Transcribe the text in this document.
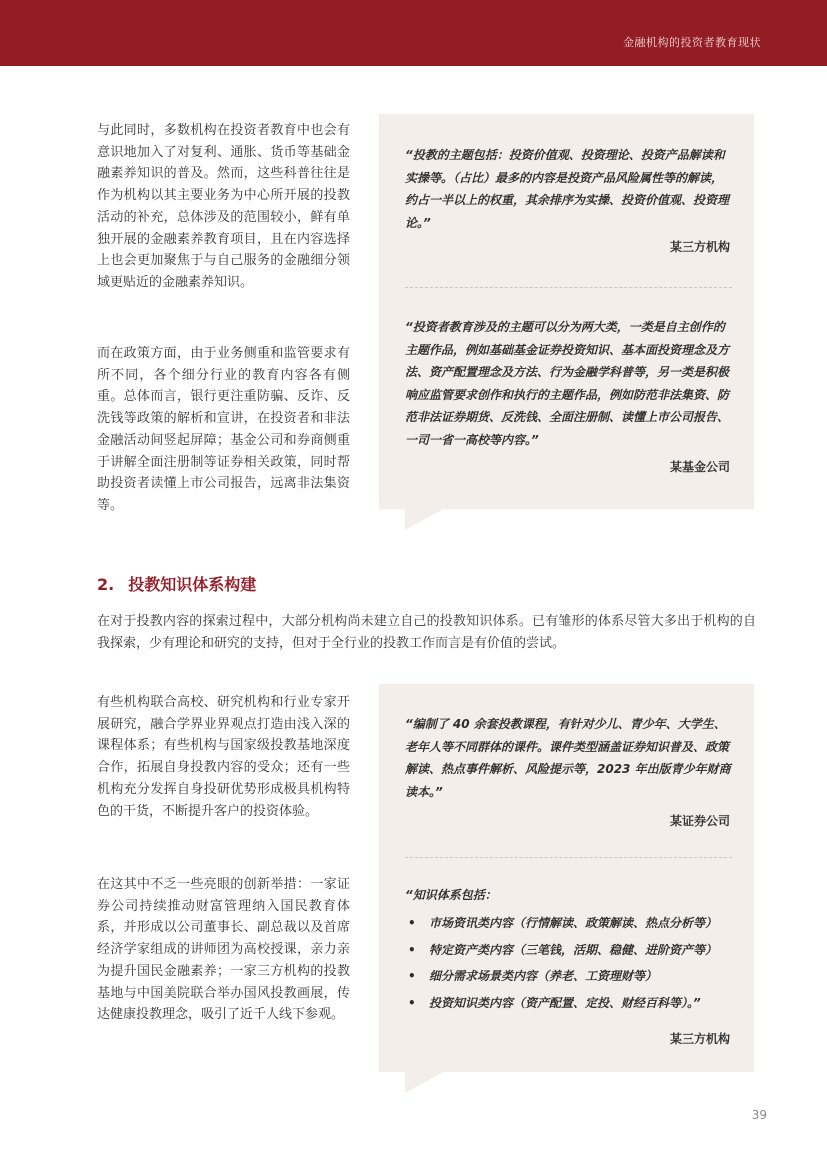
金融机构的投资者教育现状

与此同时，多数机构在投资者教育中也会有意识地加入了对复利、通胀、货币等基础金融素养知识的普及。然而，这些科普往往是作为机构以其主要业务为中心所开展的投教活动的补充，总体涉及的范围较小，鲜有单独开展的金融素养教育项目，且在内容选择上也会更加聚焦于与自己服务的金融细分领域更贴近的金融素养知识。

而在政策方面，由于业务侧重和监管要求有所不同，各个细分行业的教育内容各有侧重。总体而言，银行更注重防骗、反诈、反洗钱等政策的解析和宣讲，在投资者和非法金融活动间竖起屏障；基金公司和券商侧重于讲解全面注册制等证券相关政策，同时帮助投资者读懂上市公司报告，远离非法集资等。

“投教的主题包括：投资价值观、投资理论、投资产品解读和实操等。（占比）最多的内容是投资产品风险属性等的解读，约占一半以上的权重，其余排序为实操、投资价值观、投资理论。”

某三方机构

“投资者教育涉及的主题可以分为两大类，一类是自主创作的主题作品，例如基础基金证券投资知识、基本面投资理念及方法、资产配置理念及方法、行为金融学科普等，另一类是积极响应监管要求创作和执行的主题作品，例如防范非法集资、防范非法证券期货、反洗钱、全面注册制、读懂上市公司报告、一司一省一高校等内容。”

某基金公司
2. 投教知识体系构建

在对于投教内容的探索过程中，大部分机构尚未建立自己的投教知识体系。已有雏形的体系尽管大多出于机构的自我探索，少有理论和研究的支持，但对于全行业的投教工作而言是有价值的尝试。

有些机构联合高校、研究机构和行业专家开展研究，融合学界业界观点打造由浅入深的课程体系；有些机构与国家级投教基地深度合作，拓展自身投教内容的受众；还有一些机构充分发挥自身投研优势形成极具机构特色的干货，不断提升客户的投资体验。

在这其中不乏一些亮眼的创新举措：一家证券公司持续推动财富管理纳入国民教育体系，并形成以公司董事长、副总裁以及首席经济学家组成的讲师团为高校授课，亲力亲为提升国民金融素养；一家三方机构的投教基地与中国美院联合举办国风投教画展，传达健康投教理念，吸引了近千人线下参观。

“编制了 40 余套投教课程，有针对少儿、青少年、大学生、老年人等不同群体的课件。课件类型涵盖证券知识普及、政策解读、热点事件解析、风险提示等，2023 年出版青少年财商读本。”

某证券公司

“知识体系包括：

• 市场资讯类内容（行情解读、政策解读、热点分析等）
• 特定资产类内容（三笔钱，活期、稳健、进阶资产等）
• 细分需求场景类内容（养老、工资理财等）
• 投资知识类内容（资产配置、定投、财经百科等）。”
某三方机构
39
